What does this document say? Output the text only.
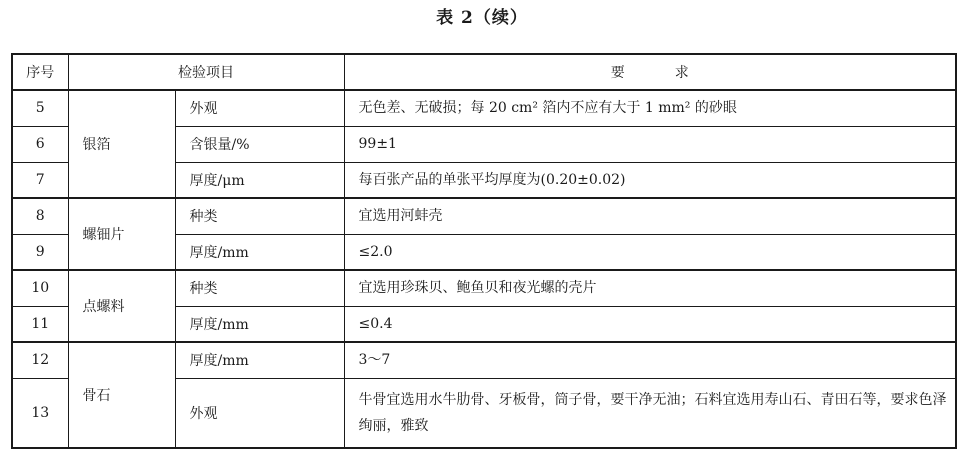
表 2（续）
序号	检验项目		要 求
5	银箔	外观	无色差、无破损；每 20 cm² 箔内不应有大于 1 mm² 的砂眼
6		含银量/%	99±1
7		厚度/μm	每百张产品的单张平均厚度为(0.20±0.02)
8	螺钿片	种类	宜选用河蚌壳
9		厚度/mm	≤2.0
10	点螺料	种类	宜选用珍珠贝、鲍鱼贝和夜光螺的壳片
11		厚度/mm	≤0.4
12	骨石	厚度/mm	3～7
13		外观	牛骨宜选用水牛肋骨、牙板骨，筒子骨，要干净无油；石料宜选用寿山石、青田石等，要求色泽绚丽，雅致
